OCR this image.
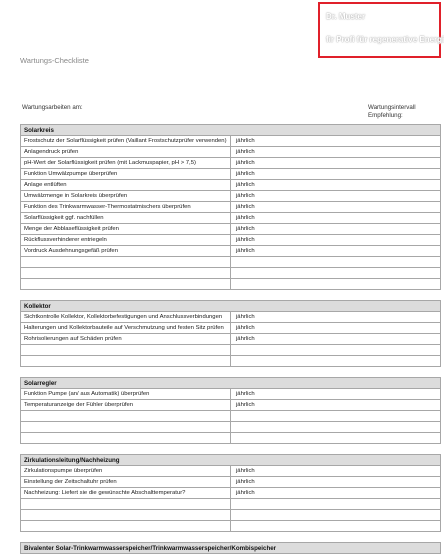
Dr. Muster
fir Profi für regenerative Energi
Wartungs-Checkliste
Wartungsarbeiten am:	Wartungsintervall
Empfehlung:
Solarkreis	
Frostschutz der Solarflüssigkeit prüfen (Vaillant Frostschutzprüfer verwenden)	jährlich
Anlagendruck prüfen	jährlich
pH-Wert der Solarflüssigkeit prüfen (mit Lackmuspapier, pH > 7,5)	jährlich
Funktion Umwälzpumpe überprüfen	jährlich
Anlage entlüften	jährlich
Umwälzmenge in Solarkreis überprüfen	jährlich
Funktion des Trinkwarmwasser-Thermostatmischers überprüfen	jährlich
Solarflüssigkeit ggf. nachfüllen	jährlich
Menge der Abblaseflüssigkeit prüfen	jährlich
Rückflussverhinderer entriegeln	jährlich
Vordruck Ausdehnungsgefäß prüfen	jährlich

Kollektor	
Sichtkontrolle Kollektor, Kollektorbefestigungen und Anschlussverbindungen	jährlich
Halterungen und Kollektorbauteile auf Verschmutzung und festen Sitz prüfen	jährlich
Rohrisolierungen auf Schäden prüfen	jährlich

Solarregler	
Funktion Pumpe (an/ aus Automatik) überprüfen	jährlich
Temperaturanzeige der Fühler überprüfen	jährlich

Zirkulationsleitung/Nachheizung	
Zirkulationspumpe überprüfen	jährlich
Einstellung der Zeitschaltuhr prüfen	jährlich
Nachheizung: Liefert sie die gewünschte Abschalttemperatur?	jährlich

Bivalenter Solar-Trinkwarmwasserspeicher/Trinkwarmwasserspeicher/Kombispeicher
